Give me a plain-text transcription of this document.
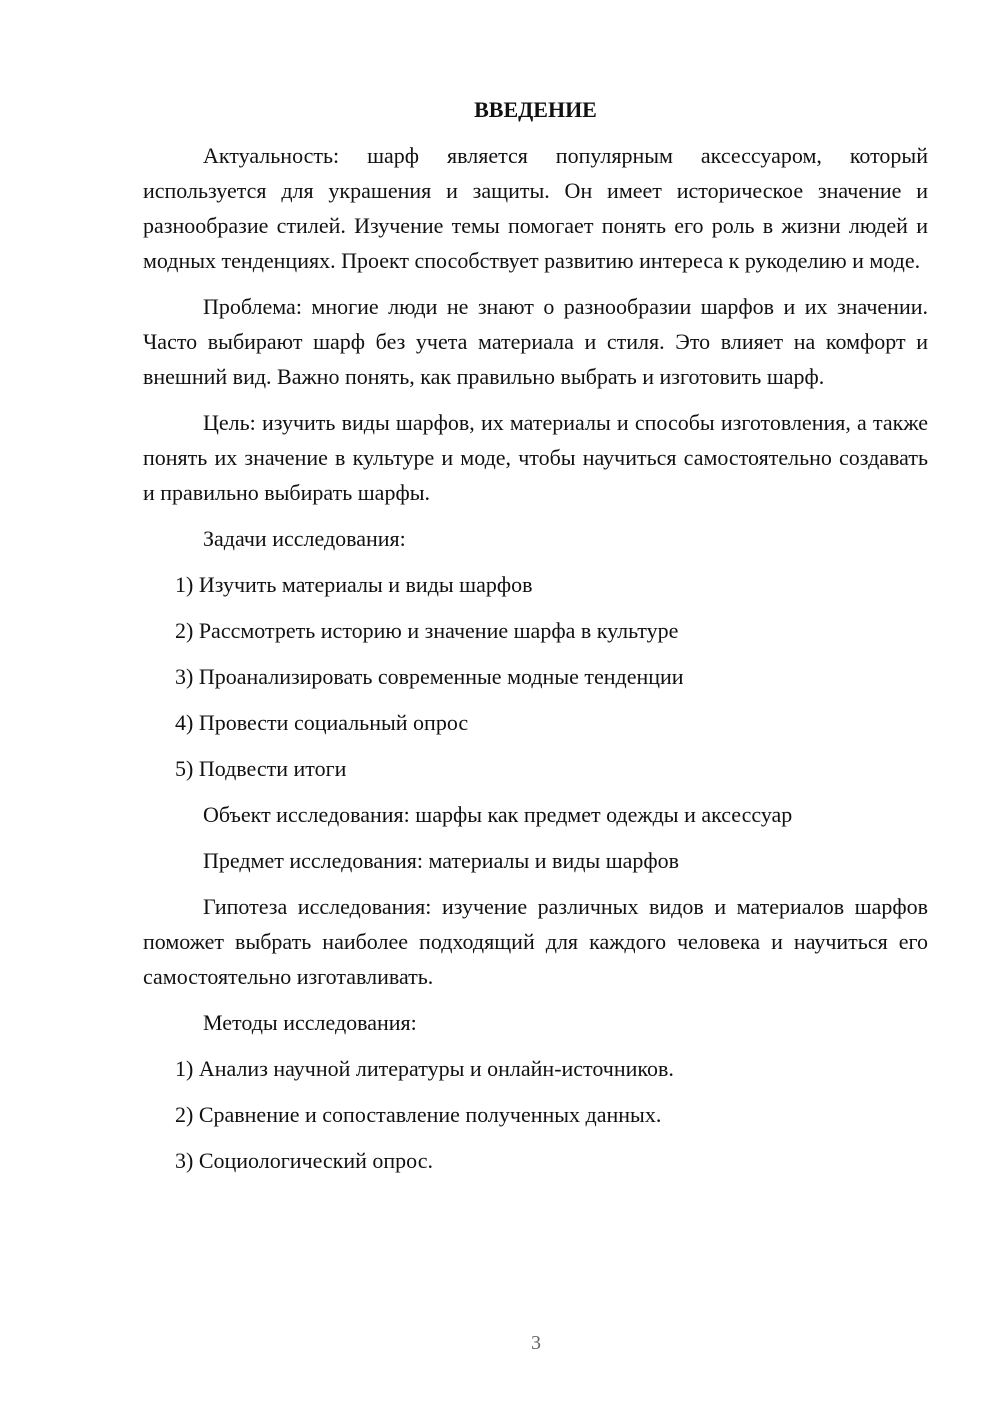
ВВЕДЕНИЕ

Актуальность: шарф является популярным аксессуаром, который используется для украшения и защиты. Он имеет историческое значение и разнообразие стилей. Изучение темы помогает понять его роль в жизни людей и модных тенденциях. Проект способствует развитию интереса к рукоделию и моде.

Проблема: многие люди не знают о разнообразии шарфов и их значении. Часто выбирают шарф без учета материала и стиля. Это влияет на комфорт и внешний вид. Важно понять, как правильно выбрать и изготовить шарф.

Цель: изучить виды шарфов, их материалы и способы изготовления, а также понять их значение в культуре и моде, чтобы научиться самостоятельно создавать и правильно выбирать шарфы.

Задачи исследования:

1) Изучить материалы и виды шарфов

2) Рассмотреть историю и значение шарфа в культуре

3) Проанализировать современные модные тенденции

4) Провести социальный опрос

5) Подвести итоги

Объект исследования: шарфы как предмет одежды и аксессуар

Предмет исследования: материалы и виды шарфов

Гипотеза исследования: изучение различных видов и материалов шарфов поможет выбрать наиболее подходящий для каждого человека и научиться его самостоятельно изготавливать.

Методы исследования:

1) Анализ научной литературы и онлайн-источников.

2) Сравнение и сопоставление полученных данных.

3) Социологический опрос.

3
